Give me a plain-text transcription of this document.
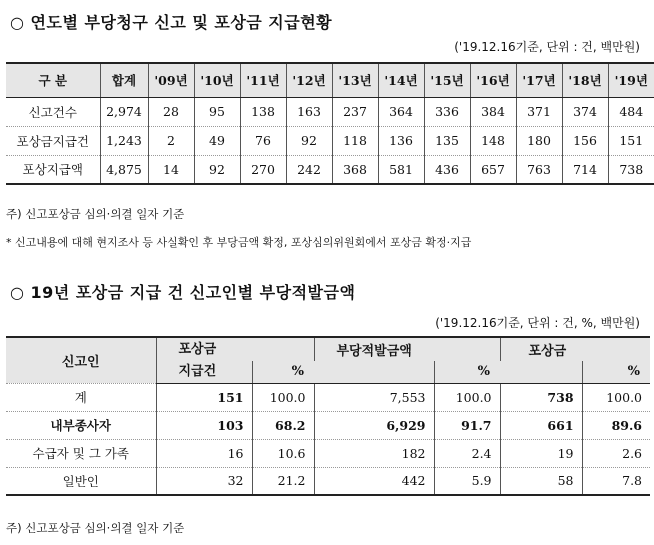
○ 연도별 부당청구 신고 및 포상금 지급현황
('19.12.16기준, 단위 : 건, 백만원)
구 분	합계	'09년	'10년	'11년	'12년	'13년	'14년	'15년	'16년	'17년	'18년	'19년
신고건수	2,974	28	95	138	163	237	364	336	384	371	374	484
포상금지급건	1,243	2	49	76	92	118	136	135	148	180	156	151
포상지급액	4,875	14	92	270	242	368	581	436	657	763	714	738
주) 신고포상금 심의·의결 일자 기준
* 신고내용에 대해 현지조사 등 사실확인 후 부당금액 확정, 포상심의위원회에서 포상금 확정·지급
○ 19년 포상금 지급 건 신고인별 부당적발금액
('19.12.16기준, 단위 : 건, %, 백만원)
신고인	포상금		부당적발금액		포상금	
	지급건	%		%		%
계	151	100.0	7,553	100.0	738	100.0
내부종사자	103	68.2	6,929	91.7	661	89.6
수급자 및 그 가족	16	10.6	182	2.4	19	2.6
일반인	32	21.2	442	5.9	58	7.8
주) 신고포상금 심의·의결 일자 기준
